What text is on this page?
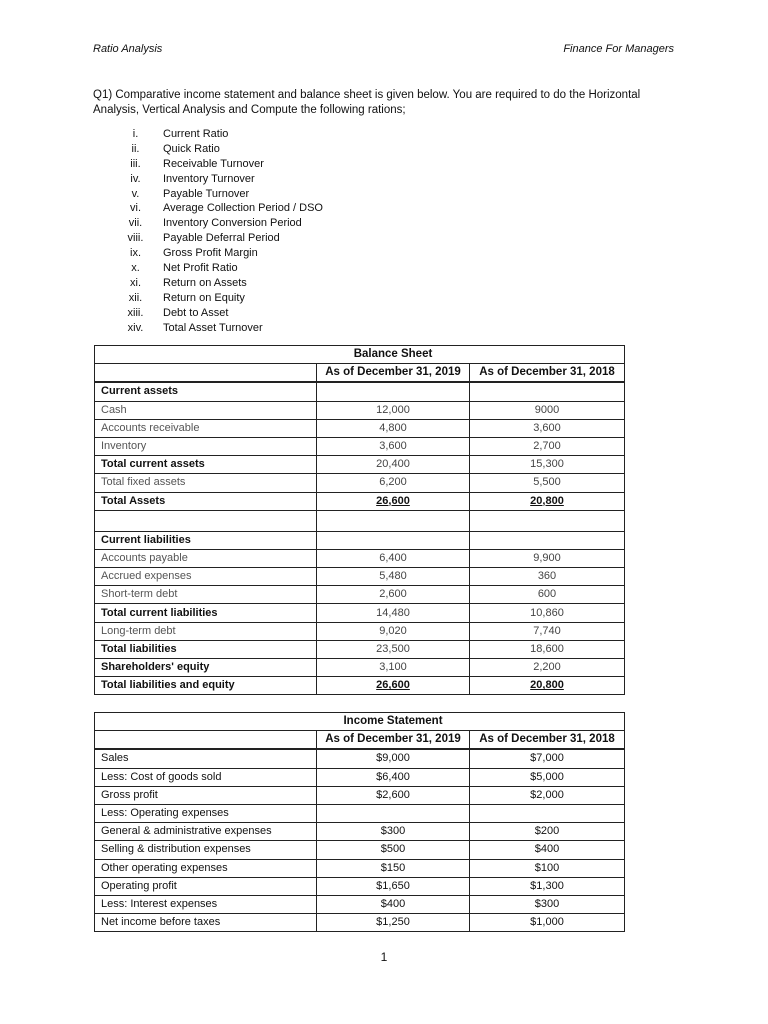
Ratio Analysis	Finance For Managers
Q1) Comparative income statement and balance sheet is given below. You are required to do the Horizontal Analysis, Vertical Analysis and Compute the following rations;
i.	Current Ratio
ii.	Quick Ratio
iii.	Receivable Turnover
iv.	Inventory Turnover
v.	Payable Turnover
vi.	Average Collection Period / DSO
vii.	Inventory Conversion Period
viii.	Payable Deferral Period
ix.	Gross Profit Margin
x.	Net Profit Ratio
xi.	Return on Assets
xii.	Return on Equity
xiii.	Debt to Asset
xiv.	Total Asset Turnover
	Balance Sheet	
	As of December 31, 2019	As of December 31, 2018
Current assets		
Cash	12,000	9000
Accounts receivable	4,800	3,600
Inventory	3,600	2,700
Total current assets	20,400	15,300
Total fixed assets	6,200	5,500
Total Assets	26,600	20,800

Current liabilities		
Accounts payable	6,400	9,900
Accrued expenses	5,480	360
Short-term debt	2,600	600
Total current liabilities	14,480	10,860
Long-term debt	9,020	7,740
Total liabilities	23,500	18,600
Shareholders' equity	3,100	2,200
Total liabilities and equity	26,600	20,800
	Income Statement	
	As of December 31, 2019	As of December 31, 2018
Sales	$9,000	$7,000
Less: Cost of goods sold	$6,400	$5,000
Gross profit	$2,600	$2,000
Less: Operating expenses		
General & administrative expenses	$300	$200
Selling & distribution expenses	$500	$400
Other operating expenses	$150	$100
Operating profit	$1,650	$1,300
Less: Interest expenses	$400	$300
Net income before taxes	$1,250	$1,000
1
